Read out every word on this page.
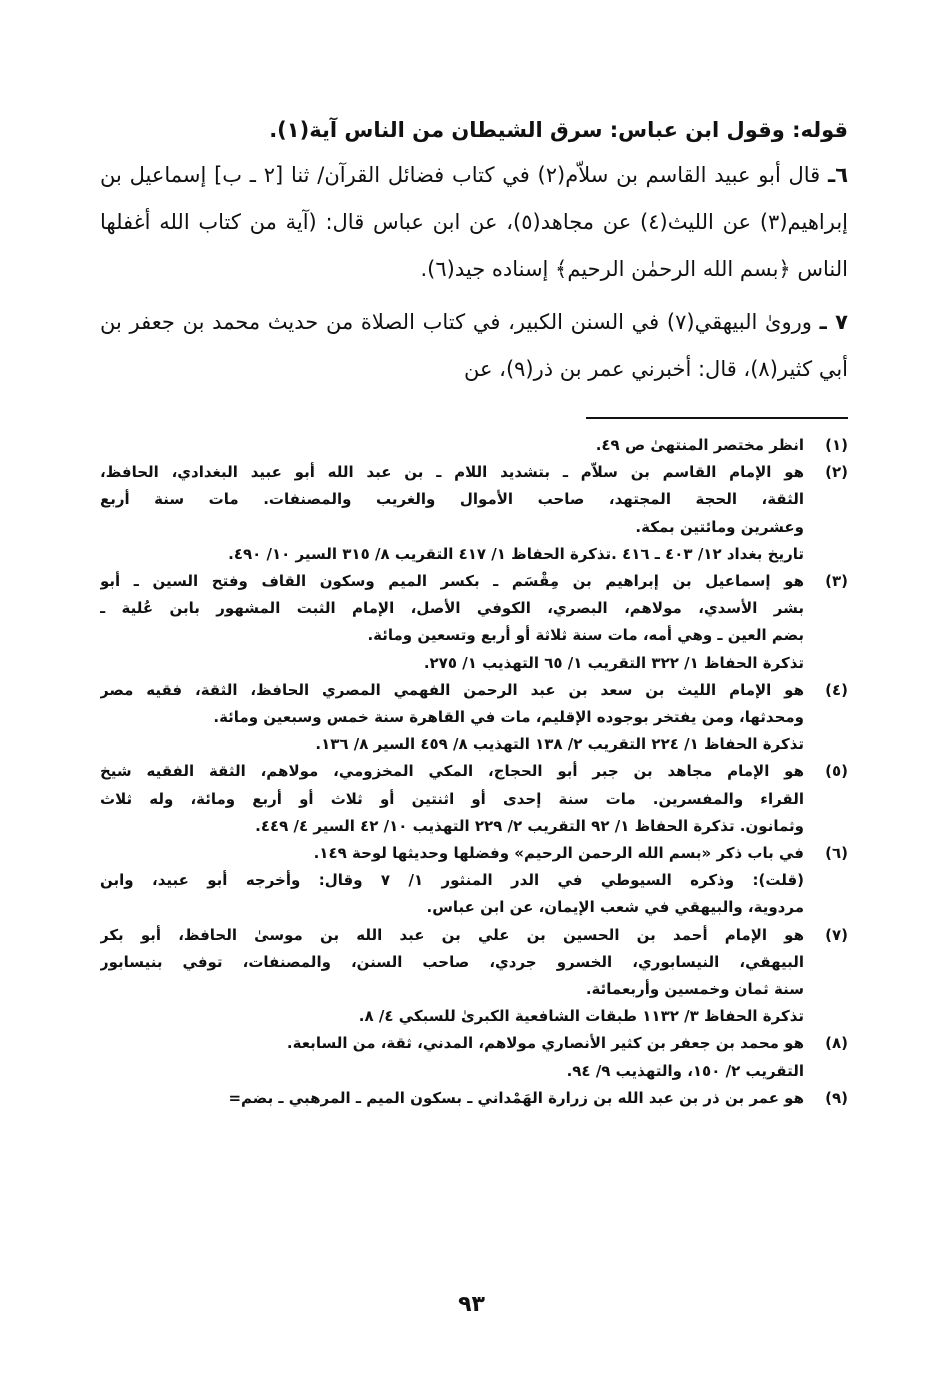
قوله: وقول ابن عباس: سرق الشيطان من الناس آية(١).

٦ـ قال أبو عبيد القاسم بن سلاّم(٢) في كتاب فضائل القرآن/ ثنا [٢ ـ ب] إسماعيل بن إبراهيم(٣) عن الليث(٤) عن مجاهد(٥)، عن ابن عباس قال: (آية من كتاب الله أغفلها الناس ﴿بسم الله الرحمٰن الرحيم﴾ إسناده جيد(٦).

٧ ـ وروىٰ البيهقي(٧) في السنن الكبير، في كتاب الصلاة من حديث محمد بن جعفر بن أبي كثير(٨)، قال: أخبرني عمر بن ذر(٩)، عن

(١)
انظر مختصر المنتهىٰ ص ٤٩.
(٢)
هو الإمام القاسم بن سلاّم ـ بتشديد اللام ـ بن عبد الله أبو عبيد البغدادي، الحافظ،
الثقة، الحجة المجتهد، صاحب الأموال والغريب والمصنفات. مات سنة أربع
وعشرين ومائتين بمكة.
تاريخ بغداد ١٢/ ٤٠٣ ـ ٤١٦ .تذكرة الحفاظ ١/ ٤١٧ التقريب ٨/ ٣١٥ السير ١٠/ ٤٩٠.
(٣)
هو إسماعيل بن إبراهيم بن مِقْسَم ـ بكسر الميم وسكون القاف وفتح السين ـ أبو
بشر الأسدي، مولاهم، البصري، الكوفي الأصل، الإمام الثبت المشهور بابن عُلية ـ
بضم العين ـ وهي أمه، مات سنة ثلاثة أو أربع وتسعين ومائة.
تذكرة الحفاظ ١/ ٣٢٢ التقريب ١/ ٦٥ التهذيب ١/ ٢٧٥.
(٤)
هو الإمام الليث بن سعد بن عبد الرحمن الفهمي المصري الحافظ، الثقة، فقيه مصر
ومحدثها، ومن يفتخر بوجوده الإقليم، مات في القاهرة سنة خمس وسبعين ومائة.
تذكرة الحفاظ ١/ ٢٢٤ التقريب ٢/ ١٣٨ التهذيب ٨/ ٤٥٩ السير ٨/ ١٣٦.
(٥)
هو الإمام مجاهد بن جبر أبو الحجاج، المكي المخزومي، مولاهم، الثقة الفقيه شيخ
القراء والمفسرين. مات سنة إحدى أو اثنتين أو ثلاث أو أربع ومائة، وله ثلاث
وثمانون. تذكرة الحفاظ ١/ ٩٢ التقريب ٢/ ٢٢٩ التهذيب ١٠/ ٤٢ السير ٤/ ٤٤٩.
(٦)
في باب ذكر «بسم الله الرحمن الرحيم» وفضلها وحديثها لوحة ١٤٩.
(قلت): وذكره السيوطي في الدر المنثور ١/ ٧ وقال: وأخرجه أبو عبيد، وابن
مردوية، والبيهقي في شعب الإيمان، عن ابن عباس.
(٧)
هو الإمام أحمد بن الحسين بن علي بن عبد الله بن موسىٰ الحافظ، أبو بكر
البيهقي، النيسابوري، الخسرو جردي، صاحب السنن، والمصنفات، توفي بنيسابور
سنة ثمان وخمسين وأربعمائة.
تذكرة الحفاظ ٣/ ١١٣٢ طبقات الشافعية الكبرىٰ للسبكي ٤/ ٨.
(٨)
هو محمد بن جعفر بن كثير الأنصاري مولاهم، المدني، ثقة، من السابعة.
التقريب ٢/ ١٥٠، والتهذيب ٩/ ٩٤.
(٩)
هو عمر بن ذر بن عبد الله بن زرارة الهَمْداني ـ بسكون الميم ـ المرهبي ـ بضم=
٩٣
